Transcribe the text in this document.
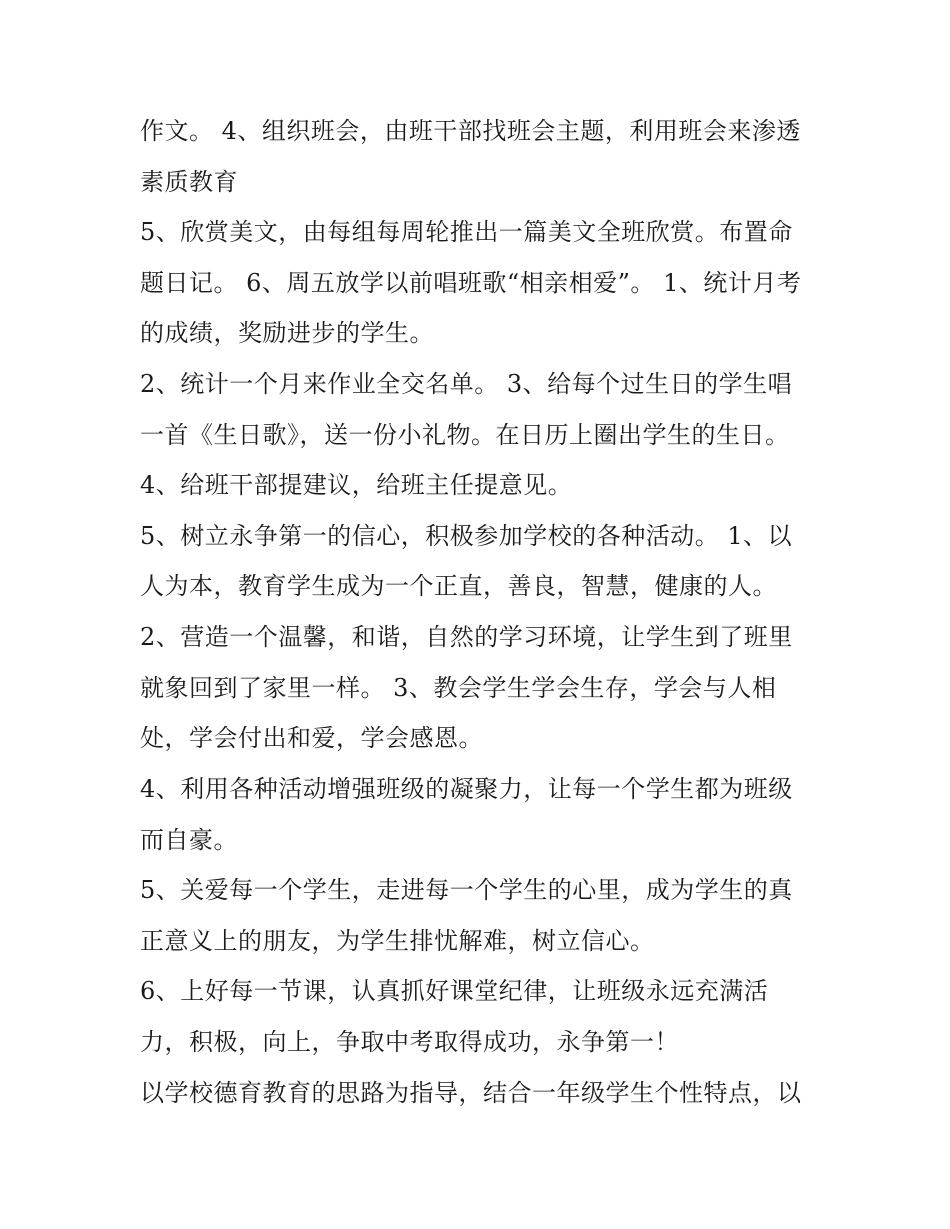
作文。 4、组织班会，由班干部找班会主题，利用班会来渗透
素质教育
5、欣赏美文，由每组每周轮推出一篇美文全班欣赏。布置命
题日记。 6、周五放学以前唱班歌“相亲相爱”。 1、统计月考
的成绩，奖励进步的学生。
2、统计一个月来作业全交名单。 3、给每个过生日的学生唱
一首《生日歌》，送一份小礼物。在日历上圈出学生的生日。
4、给班干部提建议，给班主任提意见。
5、树立永争第一的信心，积极参加学校的各种活动。 1、以
人为本，教育学生成为一个正直，善良，智慧，健康的人。
2、营造一个温馨，和谐，自然的学习环境，让学生到了班里
就象回到了家里一样。 3、教会学生学会生存，学会与人相
处，学会付出和爱，学会感恩。
4、利用各种活动增强班级的凝聚力，让每一个学生都为班级
而自豪。
5、关爱每一个学生，走进每一个学生的心里，成为学生的真
正意义上的朋友，为学生排忧解难，树立信心。
6、上好每一节课，认真抓好课堂纪律，让班级永远充满活
力，积极，向上，争取中考取得成功，永争第一！
以学校德育教育的思路为指导，结合一年级学生个性特点，以
